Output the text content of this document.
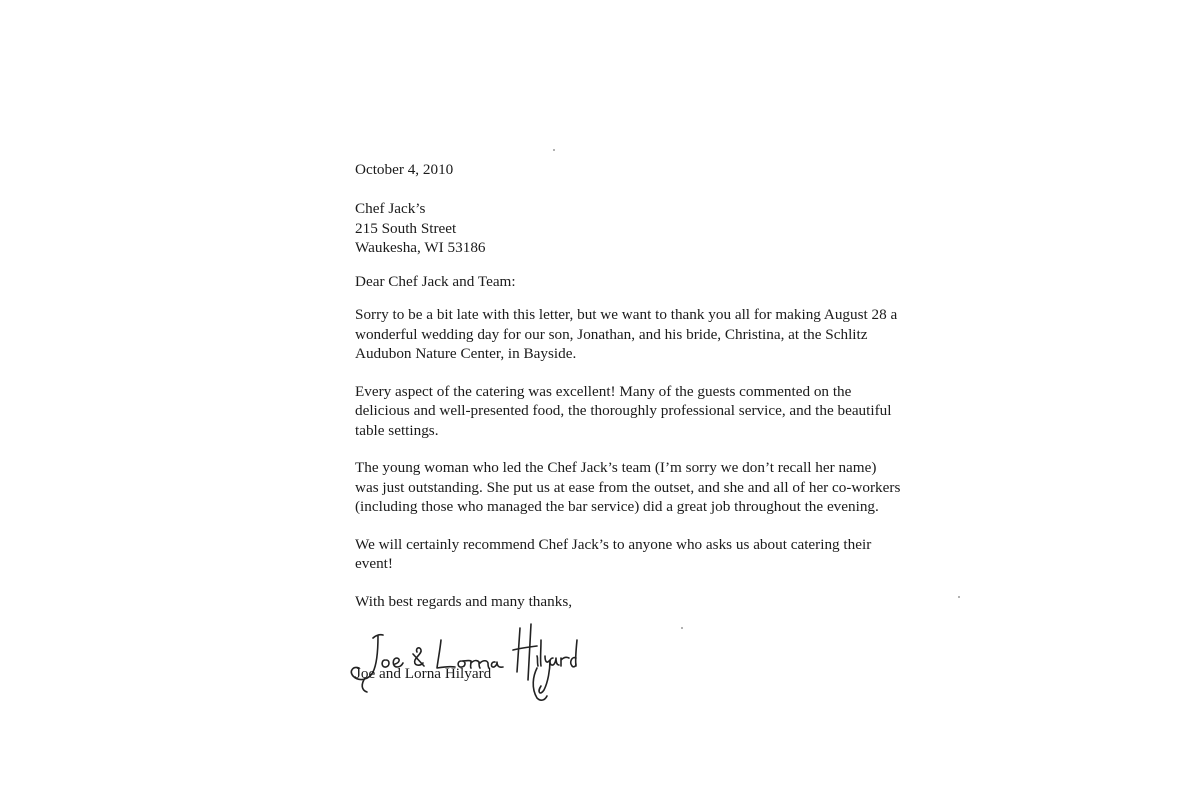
October 4, 2010
Chef Jack’s
215 South Street
Waukesha, WI 53186
Dear Chef Jack and Team:
Sorry to be a bit late with this letter, but we want to thank you all for making August 28 a
wonderful wedding day for our son, Jonathan, and his bride, Christina, at the Schlitz
Audubon Nature Center, in Bayside.
Every aspect of the catering was excellent! Many of the guests commented on the
delicious and well-presented food, the thoroughly professional service, and the beautiful
table settings.
The young woman who led the Chef Jack’s team (I’m sorry we don’t recall her name)
was just outstanding. She put us at ease from the outset, and she and all of her co-workers
(including those who managed the bar service) did a great job throughout the evening.
We will certainly recommend Chef Jack’s to anyone who asks us about catering their
event!
With best regards and many thanks,
Joe and Lorna Hilyard
